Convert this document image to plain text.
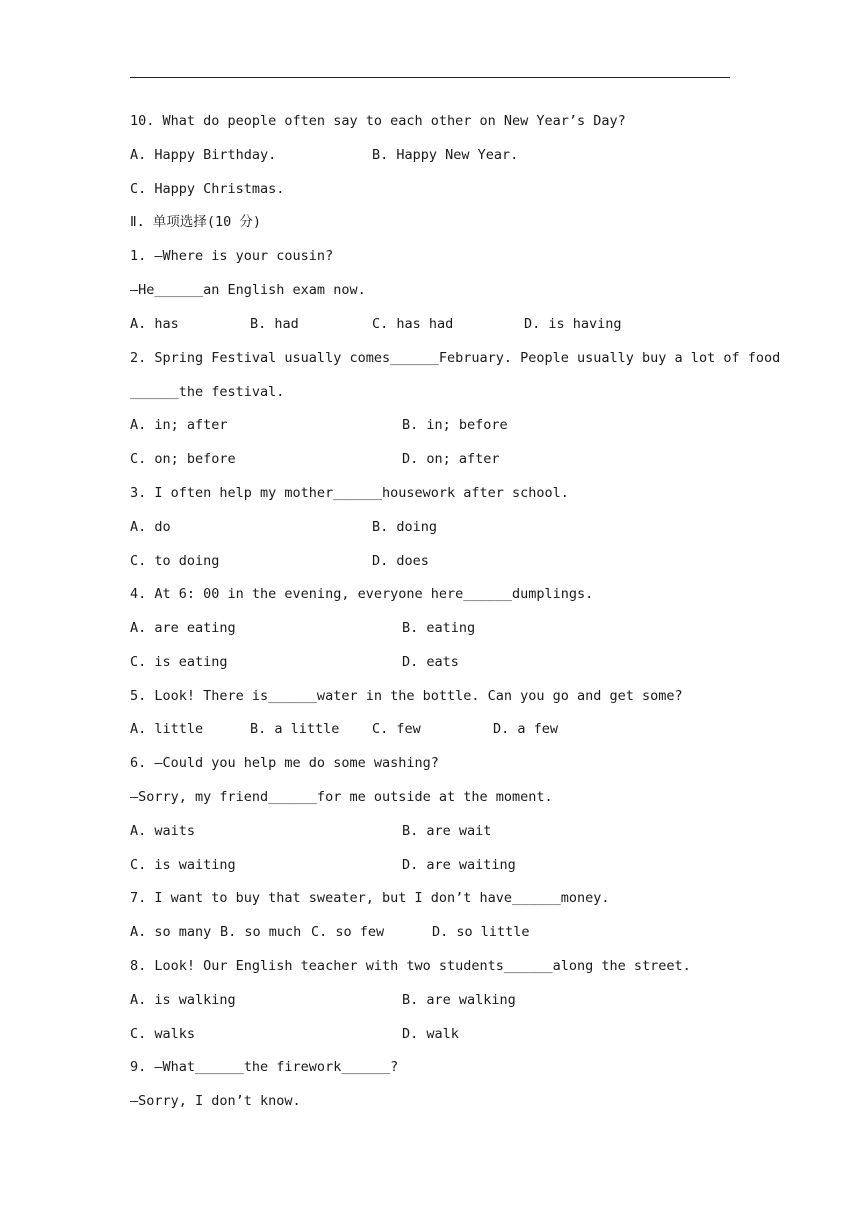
10. What do people often say to each other on New Year’s Day?
A. Happy Birthday.	B. Happy New Year.
C. Happy Christmas.
Ⅱ. 单项选择(10 分)
1. —Where is your cousin?
—He______an English exam now.
A. has	B. had	C. has had	D. is having
2. Spring Festival usually comes______February. People usually buy a lot of food
______the festival.
A. in; after	B. in; before
C. on; before	D. on; after
3. I often help my mother______housework after school.
A. do	B. doing
C. to doing	D. does
4. At 6: 00 in the evening, everyone here______dumplings.
A. are eating	B. eating
C. is eating	D. eats
5. Look! There is______water in the bottle. Can you go and get some?
A. little	B. a little C. few	D. a few
6. —Could you help me do some washing?
—Sorry, my friend______for me outside at the moment.
A. waits	B. are wait
C. is waiting	D. are waiting
7. I want to buy that sweater, but I don’t have______money.
A. so many B. so much C. so few	D. so little
8. Look! Our English teacher with two students______along the street.
A. is walking	B. are walking
C. walks	D. walk
9. —What______the firework______?
—Sorry, I don’t know.
